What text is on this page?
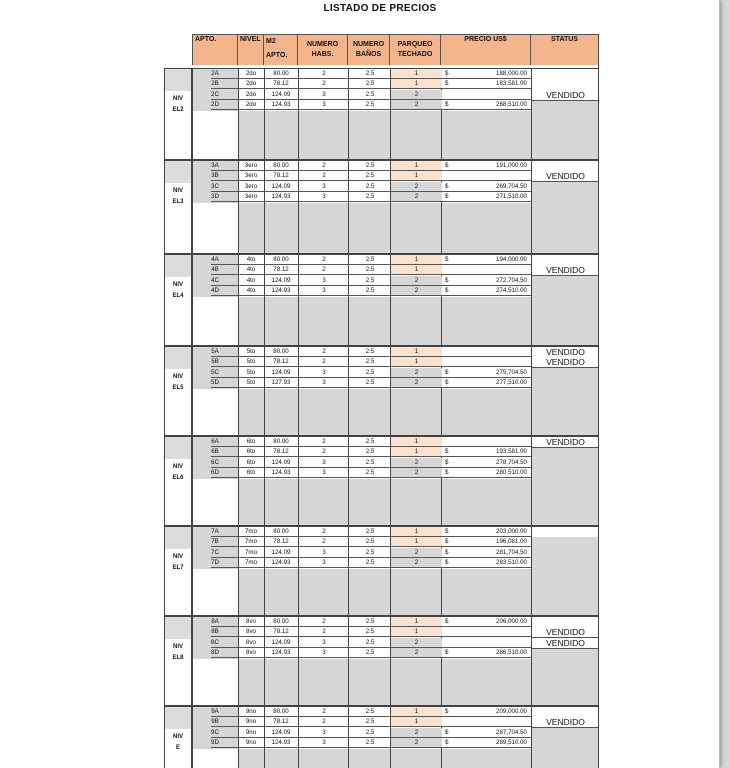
LISTADO DE PRECIOS
APTO.	NIVEL M2
APTO.
NUMERO
HABS.
NUMERO
BAÑOS
PARQUEO
TECHADO
PRECIO US$	STATUS
NIVEL2
2A	2do	80.00	2	2.5	1	$	188,000.00
2B	2do	78.12	2	2.5	1	$	183,581.00
2C	2do	124.09	3	2.5	2
2D	2do	124.93	3	2.5	2	$	268,510.00
VENDIDO
NIVEL3
3A	3ero	80.00	2	2.5	1	$	191,000.00
3B	3ero	78.12	2	2.5	1
3C	3ero	124.09	3	2.5	2	$	269,704.50
3D	3ero	124.93	3	2.5	2	$	271,510.00
VENDIDO
NIVEL4
4A	4to	80.00	2	2.5	1	$	194,000.00
4B	4to	78.12	2	2.5	1
4C	4to	124.09	3	2.5	2	$	272,704.50
4D	4to	124.93	3	2.5	2	$	274,510.00
VENDIDO
NIVEL5
5A	5to	80.00	2	2.5	1
5B	5to	78.12	2	2.5	1
5C	5to	124.09	3	2.5	2	$	275,704.50
5D	5to	127.93	3	2.5	2	$	277,510.00
VENDIDO
VENDIDO
NIVEL6
6A	6to	80.00	2	2.5	1
6B	6to	78.12	2	2.5	1	$	193,581.00
6C	6to	124.09	3	2.5	2	$	278,704.50
6D	6to	124.93	3	2.5	2	$	280,510.00
VENDIDO
NIVEL7
7A	7mo	80.00	2	2.5	1	$	203,000.00
7B	7mo	78.12	2	2.5	1	$	196,081.00
7C	7mo	124.09	3	2.5	2	$	281,704.50
7D	7mo	124.93	3	2.5	2	$	283,510.00
NIVEL8
8A	8vo	80.00	2	2.5	1	$	206,000.00
8B	8vo	78.12	2	2.5	1
8C	8vo	124.09	3	2.5	2
8D	8vo	124.93	3	2.5	2	$	286,510.00
VENDIDO
VENDIDO
NIVE
9A	9no	80.00	2	2.5	1	$	209,000.00
9B	9no	78.12	2	2.5	1
9C	9no	124.09	3	2.5	2	$	287,704.50
9D	9no	124.93	3	2.5	2	$	289,510.00
VENDIDO
